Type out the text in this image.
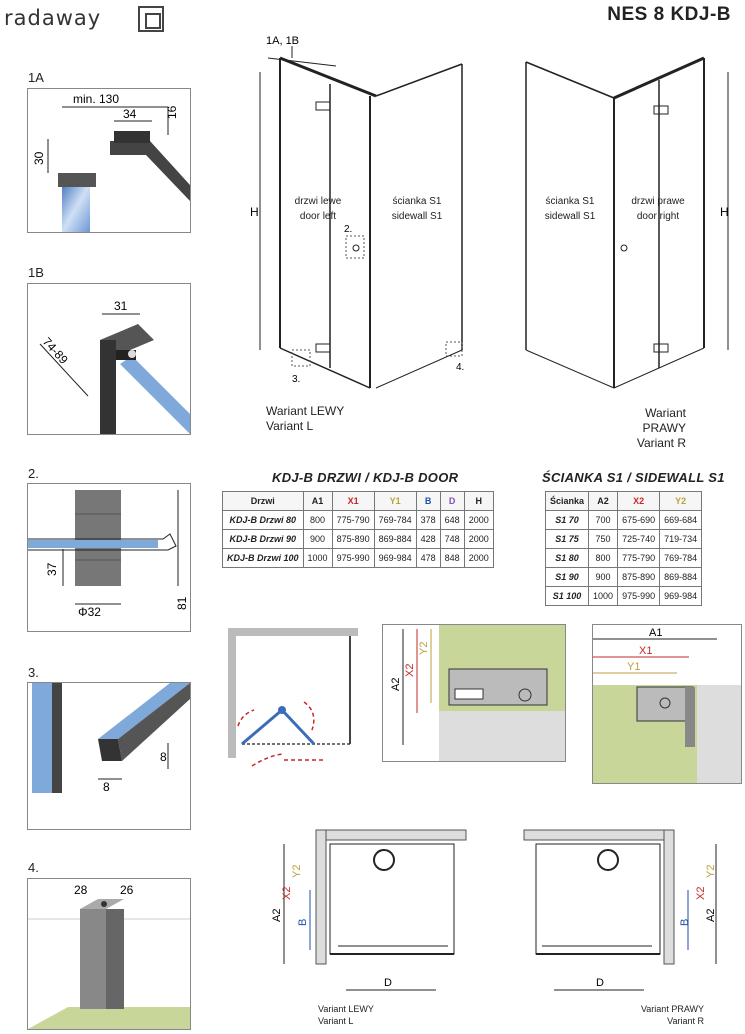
radaway	NES 8 KDJ-B
1A
min. 130
34 16
30
1B
31
74-89
2.
37
Φ32
81
3.
8
8
4.
28	26
1A, 1B
H
2.
3.
4.
drzwi lewe
door left
ścianka S1
sidewall S1
Wariant LEWY
Variant L
H
ścianka S1
sidewall S1
drzwi prawe
door right
Wariant PRAWY
Variant R
KDJ-B DRZWI / KDJ-B DOOR
Drzwi	A1	X1	Y1	B	D	H
KDJ-B Drzwi 80	800	775-790	769-784	378	648	2000
KDJ-B Drzwi 90	900	875-890	869-884	428	748	2000
KDJ-B Drzwi 100	1000	975-990	969-984	478	848	2000
ŚCIANKA S1 / SIDEWALL S1
Ścianka	A2	X2	Y2
S1 70	700	675-690	669-684
S1 75	750	725-740	719-734
S1 80	800	775-790	769-784
S1 90	900	875-890	869-884
S1 100	1000	975-990	969-984
A2
X2
Y2
A1
X1
Y1
A2
X2
Y2
B
D
Variant LEWY
Variant L
A2
X2
Y2
B
D
Variant PRAWY
Variant R
